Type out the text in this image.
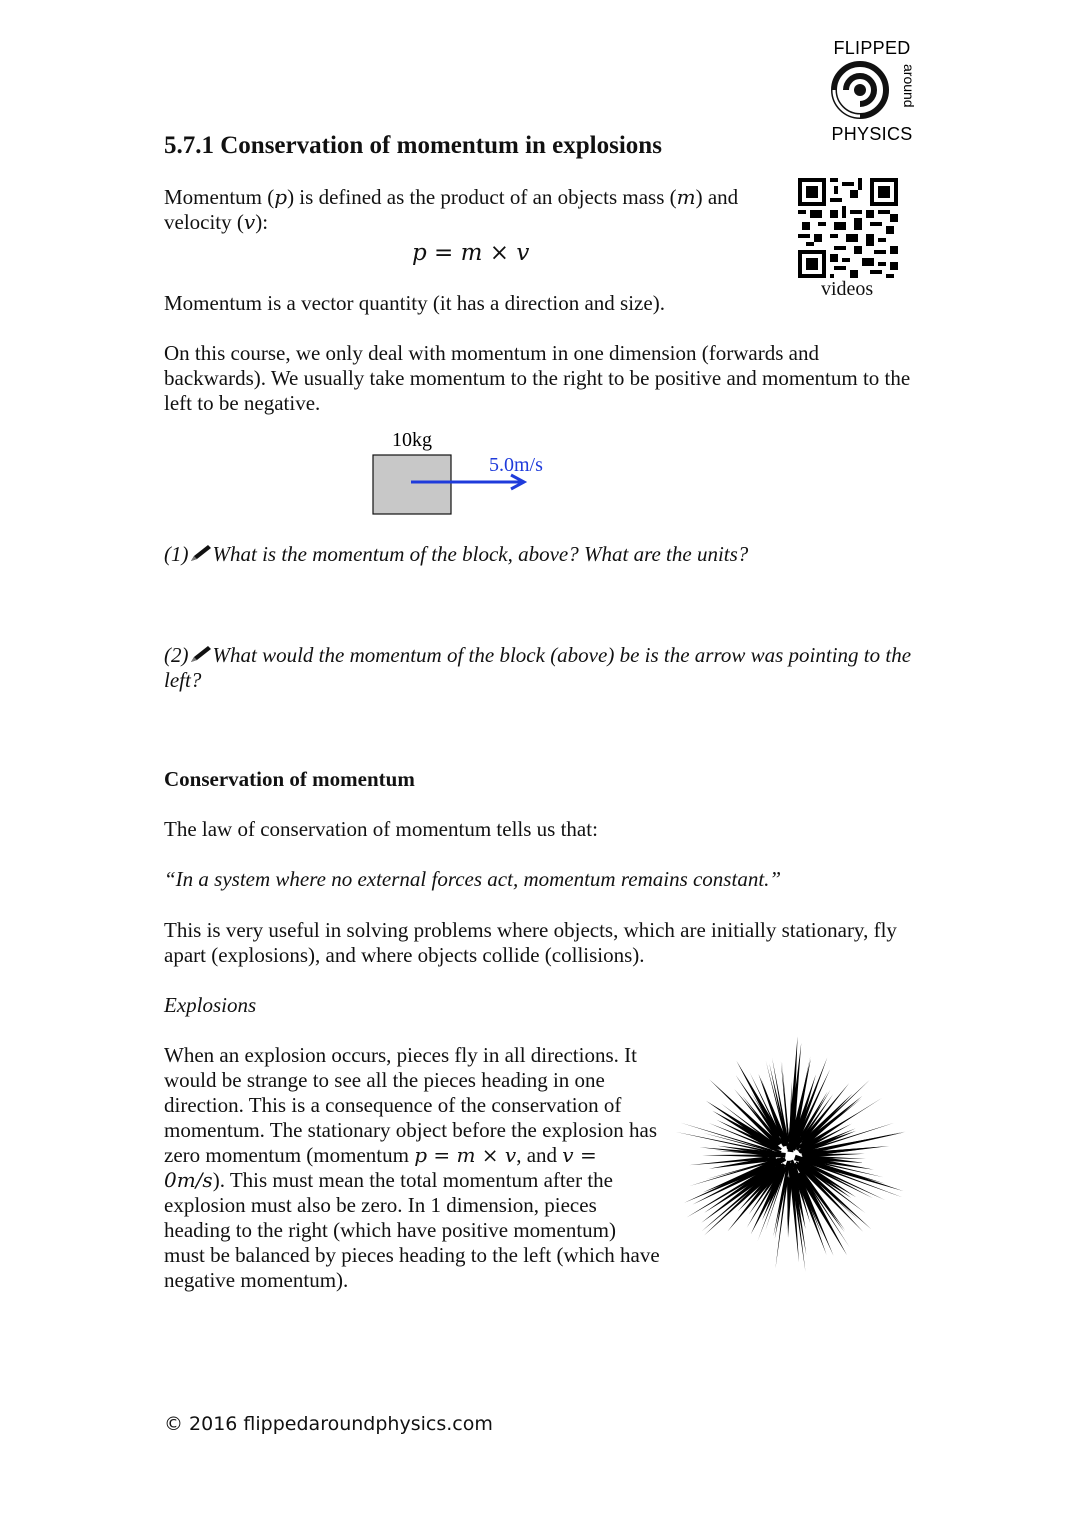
FLIPPED
around
PHYSICS
videos
5.7.1 Conservation of momentum in explosions
Momentum (p) is defined as the product of an objects mass (m) and velocity (v):
p = m × v
Momentum is a vector quantity (it has a direction and size).
On this course, we only deal with momentum in one dimension (forwards and backwards). We usually take momentum to the right to be positive and momentum to the left to be negative.
10kg
5.0m/s
(1) What is the momentum of the block, above? What are the units?
(2) What would the momentum of the block (above) be is the arrow was pointing to the left?
Conservation of momentum
The law of conservation of momentum tells us that:
“In a system where no external forces act, momentum remains constant.”
This is very useful in solving problems where objects, which are initially stationary, fly apart (explosions), and where objects collide (collisions).
Explosions
When an explosion occurs, pieces fly in all directions. It would be strange to see all the pieces heading in one direction. This is a consequence of the conservation of momentum. The stationary object before the explosion has zero momentum (momentum p = m × v, and v = 0m/s). This must mean the total momentum after the explosion must also be zero. In 1 dimension, pieces heading to the right (which have positive momentum) must be balanced by pieces heading to the left (which have negative momentum).
© 2016 flippedaroundphysics.com
